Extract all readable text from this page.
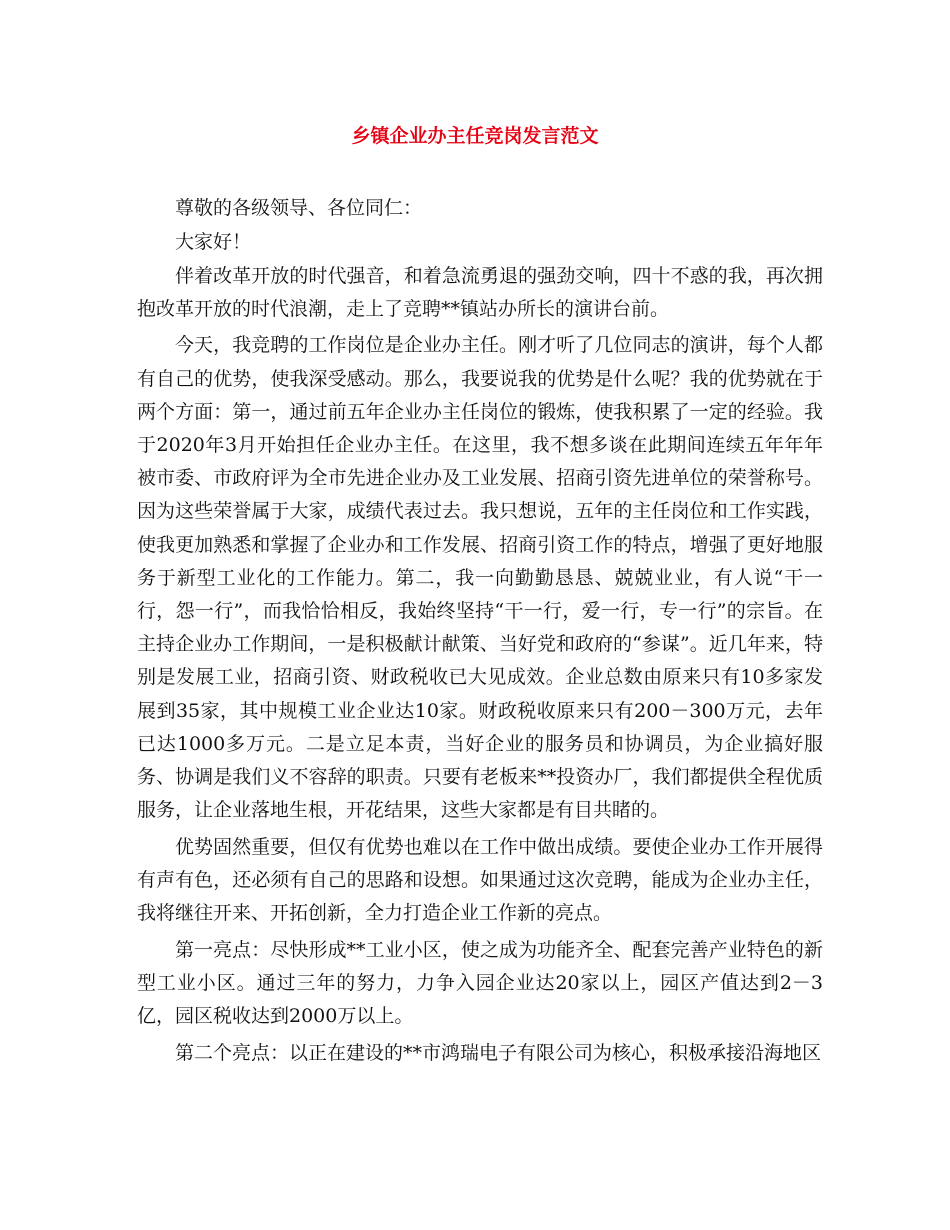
乡镇企业办主任竞岗发言范文

尊敬的各级领导、各位同仁：

大家好！

伴着改革开放的时代强音，和着急流勇退的强劲交响，四十不惑的我，再次拥抱改革开放的时代浪潮，走上了竞聘**镇站办所长的演讲台前。

今天，我竞聘的工作岗位是企业办主任。刚才听了几位同志的演讲，每个人都有自己的优势，使我深受感动。那么，我要说我的优势是什么呢？我的优势就在于两个方面：第一，通过前五年企业办主任岗位的锻炼，使我积累了一定的经验。我于2020年3月开始担任企业办主任。在这里，我不想多谈在此期间连续五年年年被市委、市政府评为全市先进企业办及工业发展、招商引资先进单位的荣誉称号。因为这些荣誉属于大家，成绩代表过去。我只想说，五年的主任岗位和工作实践，使我更加熟悉和掌握了企业办和工作发展、招商引资工作的特点，增强了更好地服务于新型工业化的工作能力。第二，我一向勤勤恳恳、兢兢业业，有人说“干一行，怨一行”，而我恰恰相反，我始终坚持“干一行，爱一行，专一行”的宗旨。在主持企业办工作期间，一是积极献计献策、当好党和政府的“参谋”。近几年来，特别是发展工业，招商引资、财政税收已大见成效。企业总数由原来只有10多家发展到35家，其中规模工业企业达10家。财政税收原来只有200－300万元，去年已达1000多万元。二是立足本责，当好企业的服务员和协调员，为企业搞好服务、协调是我们义不容辞的职责。只要有老板来**投资办厂，我们都提供全程优质服务，让企业落地生根，开花结果，这些大家都是有目共睹的。

优势固然重要，但仅有优势也难以在工作中做出成绩。要使企业办工作开展得有声有色，还必须有自己的思路和设想。如果通过这次竞聘，能成为企业办主任，我将继往开来、开拓创新，全力打造企业工作新的亮点。

第一亮点：尽快形成**工业小区，使之成为功能齐全、配套完善产业特色的新型工业小区。通过三年的努力，力争入园企业达20家以上，园区产值达到2－3亿，园区税收达到2000万以上。

第二个亮点：以正在建设的**市鸿瑞电子有限公司为核心，积极承接沿海地区
